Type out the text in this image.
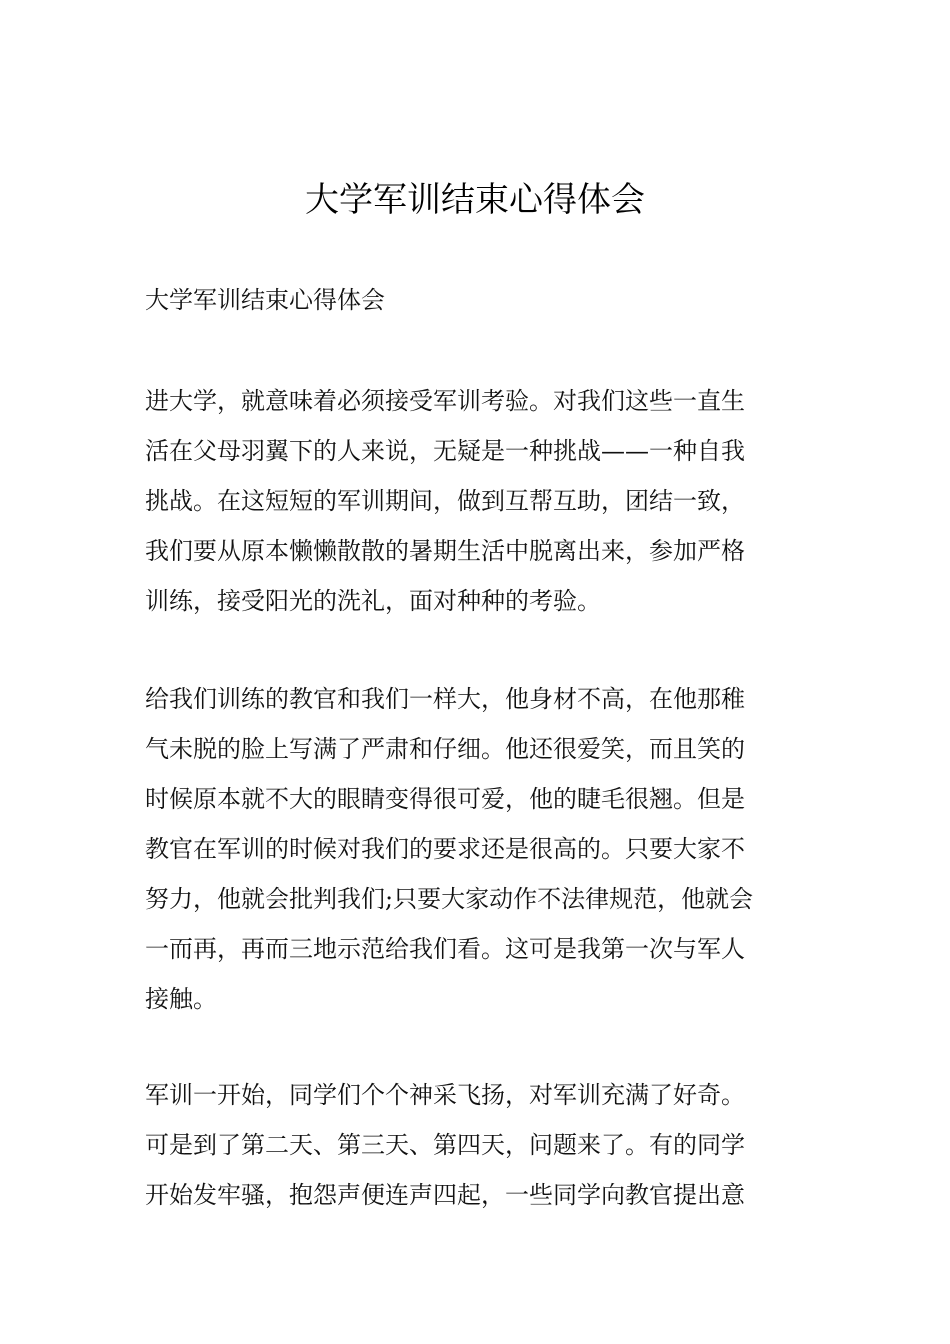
大学军训结束心得体会

大学军训结束心得体会

进大学，就意味着必须接受军训考验。对我们这些一直生
活在父母羽翼下的人来说，无疑是一种挑战——一种自我
挑战。在这短短的军训期间，做到互帮互助，团结一致，
我们要从原本懒懒散散的暑期生活中脱离出来，参加严格
训练，接受阳光的洗礼，面对种种的考验。
给我们训练的教官和我们一样大，他身材不高，在他那稚
气未脱的脸上写满了严肃和仔细。他还很爱笑，而且笑的
时候原本就不大的眼睛变得很可爱，他的睫毛很翘。但是
教官在军训的时候对我们的要求还是很高的。只要大家不
努力，他就会批判我们;只要大家动作不法律规范，他就会
一而再，再而三地示范给我们看。这可是我第一次与军人
接触。
军训一开始，同学们个个神采飞扬，对军训充满了好奇。
可是到了第二天、第三天、第四天，问题来了。有的同学
开始发牢骚，抱怨声便连声四起，一些同学向教官提出意
